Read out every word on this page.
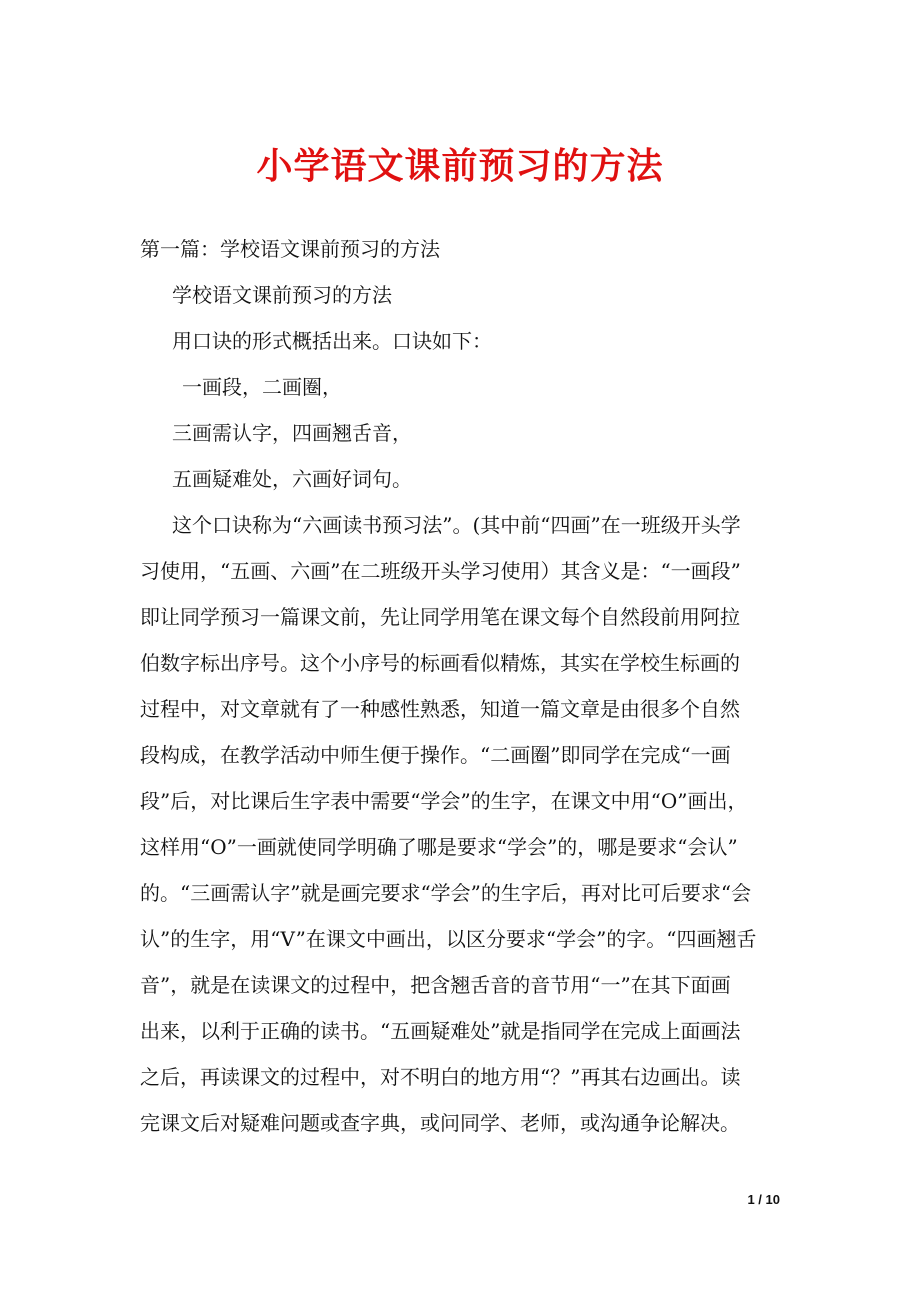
小学语文课前预习的方法
第一篇：学校语文课前预习的方法
学校语文课前预习的方法
用口诀的形式概括出来。口诀如下：
一画段，二画圈，
三画需认字，四画翘舌音，
五画疑难处，六画好词句。
这个口诀称为“六画读书预习法”。(其中前“四画”在一班级开头学
习使用，“五画、六画”在二班级开头学习使用）其含义是：“一画段”
即让同学预习一篇课文前，先让同学用笔在课文每个自然段前用阿拉
伯数字标出序号。这个小序号的标画看似精炼，其实在学校生标画的
过程中，对文章就有了一种感性熟悉，知道一篇文章是由很多个自然
段构成，在教学活动中师生便于操作。“二画圈”即同学在完成“一画
段”后，对比课后生字表中需要“学会”的生字，在课文中用“O”画出，
这样用“O”一画就使同学明确了哪是要求“学会”的，哪是要求“会认”
的。“三画需认字”就是画完要求“学会”的生字后，再对比可后要求“会
认”的生字，用“V”在课文中画出，以区分要求“学会”的字。“四画翘舌
音”，就是在读课文的过程中，把含翘舌音的音节用“一”在其下面画
出来，以利于正确的读书。“五画疑难处”就是指同学在完成上面画法
之后，再读课文的过程中，对不明白的地方用“？”再其右边画出。读
完课文后对疑难问题或查字典，或问同学、老师，或沟通争论解决。
1 / 10
